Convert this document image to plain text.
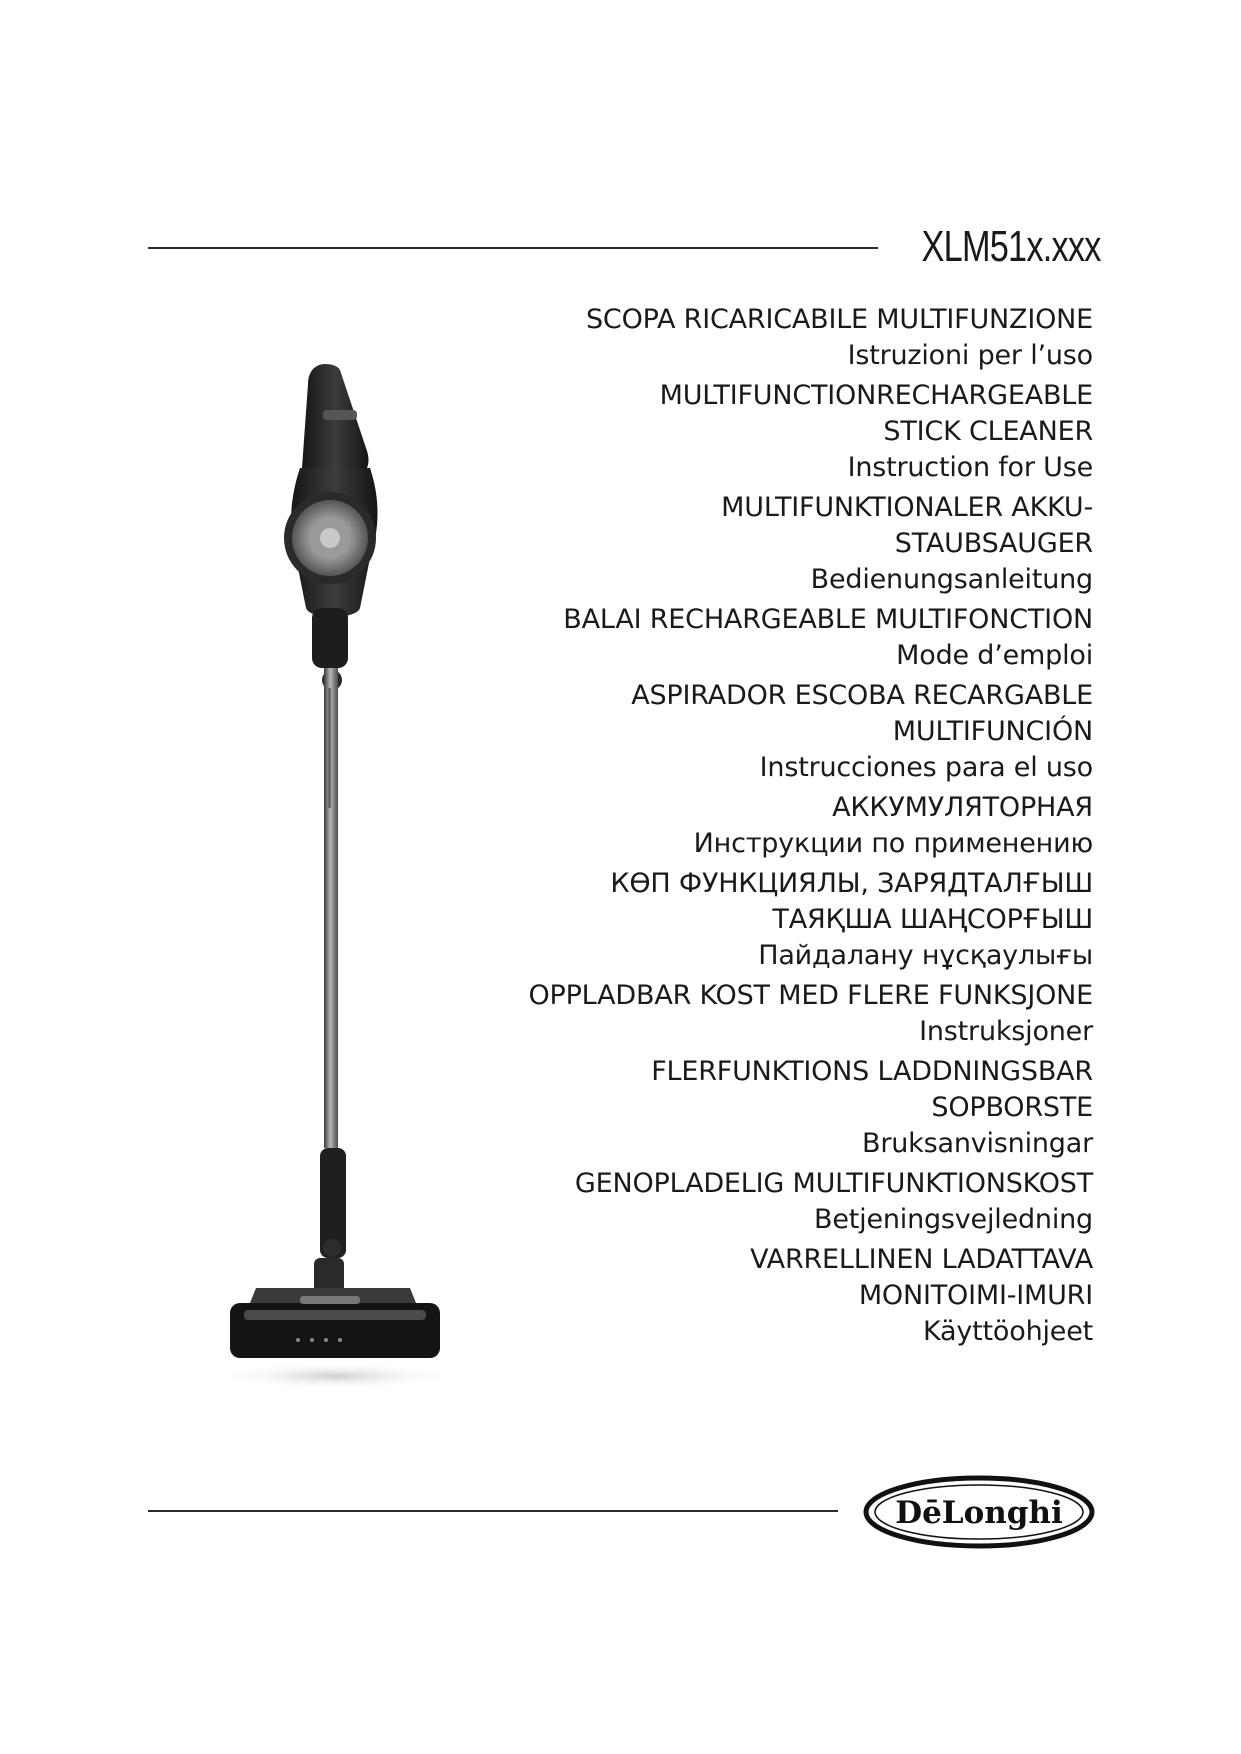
XLM51x.xxx
SCOPA RICARICABILE MULTIFUNZIONE
Istruzioni per l’uso
MULTIFUNCTIONRECHARGEABLE
STICK CLEANER
Instruction for Use
MULTIFUNKTIONALER AKKU-
STAUBSAUGER
Bedienungsanleitung
BALAI RECHARGEABLE MULTIFONCTION
Mode d’emploi
ASPIRADOR ESCOBA RECARGABLE
MULTIFUNCIÓN
Instrucciones para el uso
АККУМУЛЯТОРНАЯ
Инструкции по применению
КӨП ФУНКЦИЯЛЫ, ЗАРЯДТАЛҒЫШ
ТАЯҚША ШАҢСОРҒЫШ
Пайдалану нұсқаулығы
OPPLADBAR KOST MED FLERE FUNKSJONE
Instruksjoner
FLERFUNKTIONS LADDNINGSBAR
SOPBORSTE
Bruksanvisningar
GENOPLADELIG MULTIFUNKTIONSKOST
Betjeningsvejledning
VARRELLINEN LADATTAVA
MONITOIMI-IMURI
Käyttöohjeet
DēLonghi
